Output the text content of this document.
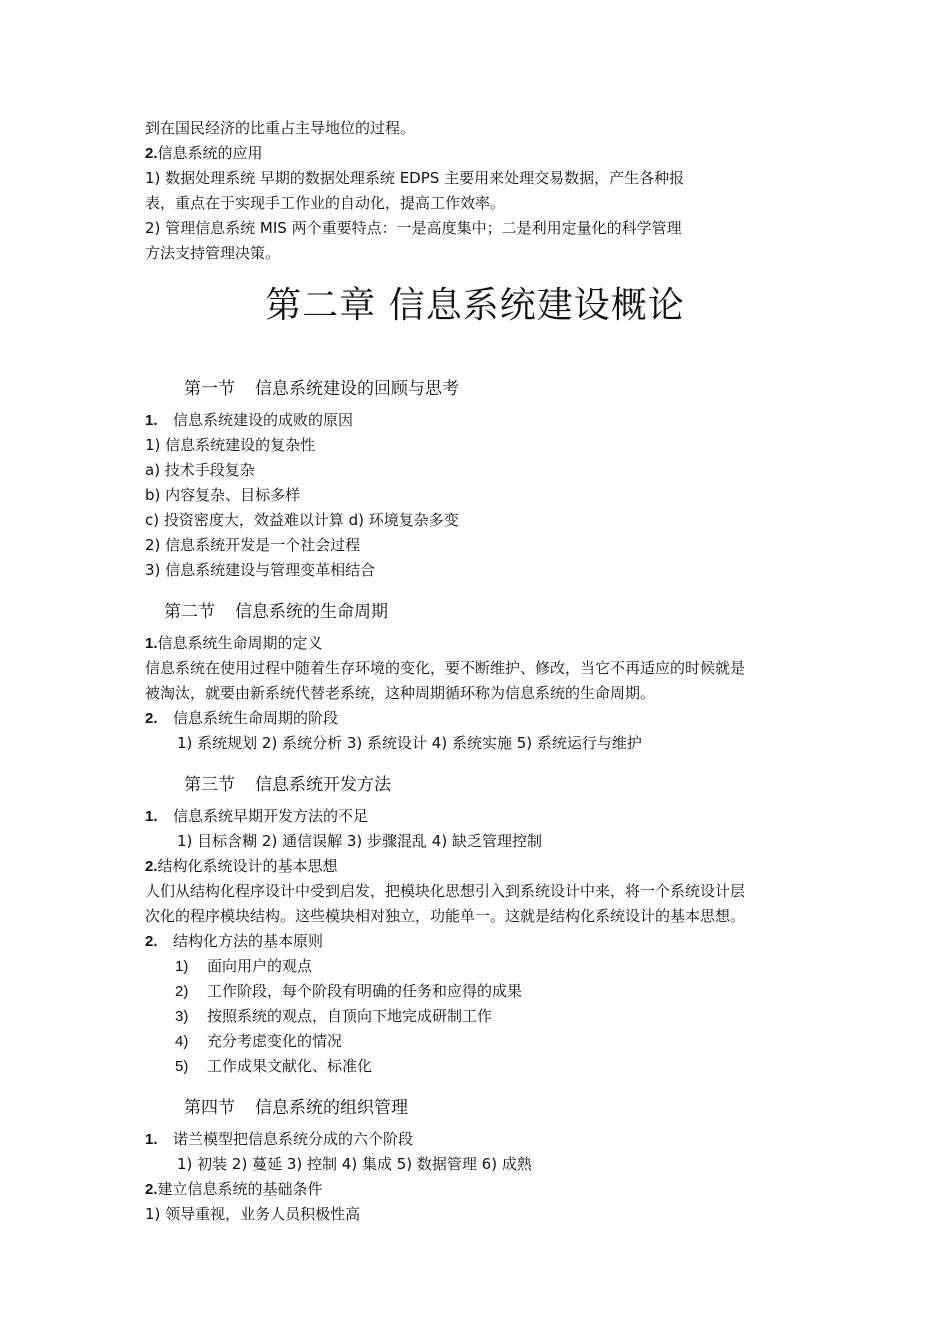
到在国民经济的比重占主导地位的过程。
2.信息系统的应用
1) 数据处理系统 早期的数据处理系统 EDPS 主要用来处理交易数据，产生各种报
表，重点在于实现手工作业的自动化，提高工作效率。
2) 管理信息系统 MIS 两个重要特点：一是高度集中；二是利用定量化的科学管理
方法支持管理决策。
第二章 信息系统建设概论
第一节 信息系统建设的回顾与思考
1. 信息系统建设的成败的原因
1) 信息系统建设的复杂性
a) 技术手段复杂
b) 内容复杂、目标多样
c) 投资密度大，效益难以计算 d) 环境复杂多变
2) 信息系统开发是一个社会过程
3) 信息系统建设与管理变革相结合
第二节 信息系统的生命周期
1.信息系统生命周期的定义
信息系统在使用过程中随着生存环境的变化，要不断维护、修改，当它不再适应的时候就是
被淘汰，就要由新系统代替老系统，这种周期循环称为信息系统的生命周期。
2. 信息系统生命周期的阶段
1) 系统规划 2) 系统分析 3) 系统设计 4) 系统实施 5) 系统运行与维护
第三节 信息系统开发方法
1. 信息系统早期开发方法的不足
1) 目标含糊 2) 通信误解 3) 步骤混乱 4) 缺乏管理控制
2.结构化系统设计的基本思想
人们从结构化程序设计中受到启发，把模块化思想引入到系统设计中来，将一个系统设计层
次化的程序模块结构。这些模块相对独立，功能单一。这就是结构化系统设计的基本思想。
2. 结构化方法的基本原则
1) 面向用户的观点
2) 工作阶段，每个阶段有明确的任务和应得的成果
3) 按照系统的观点，自顶向下地完成研制工作
4) 充分考虑变化的情况
5) 工作成果文献化、标准化
第四节 信息系统的组织管理
1. 诺兰模型把信息系统分成的六个阶段
1) 初装 2) 蔓延 3) 控制 4) 集成 5) 数据管理 6) 成熟
2.建立信息系统的基础条件
1) 领导重视，业务人员积极性高
